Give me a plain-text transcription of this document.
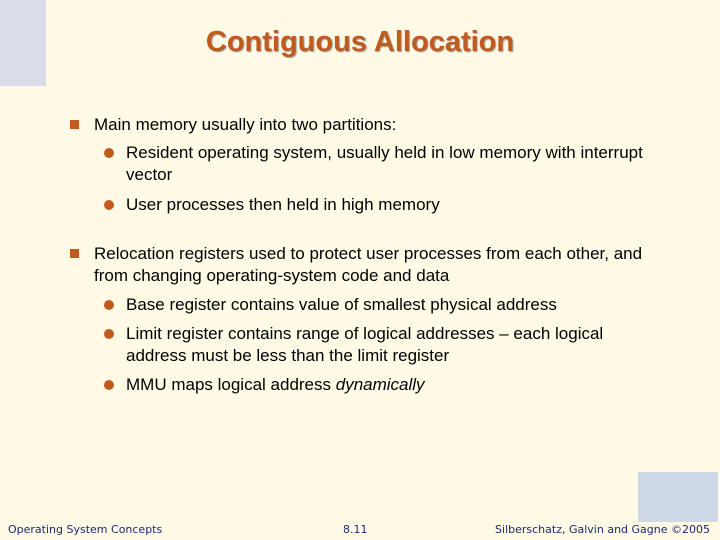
Contiguous Allocation
Main memory usually into two partitions:
Resident operating system, usually held in low memory with interrupt vector
User processes then held in high memory
Relocation registers used to protect user processes from each other, and from changing operating-system code and data
Base register contains value of smallest physical address
Limit register contains range of logical addresses – each logical address must be less than the limit register
MMU maps logical address dynamically
Operating System Concepts	8.11	Silberschatz, Galvin and Gagne ©2005
